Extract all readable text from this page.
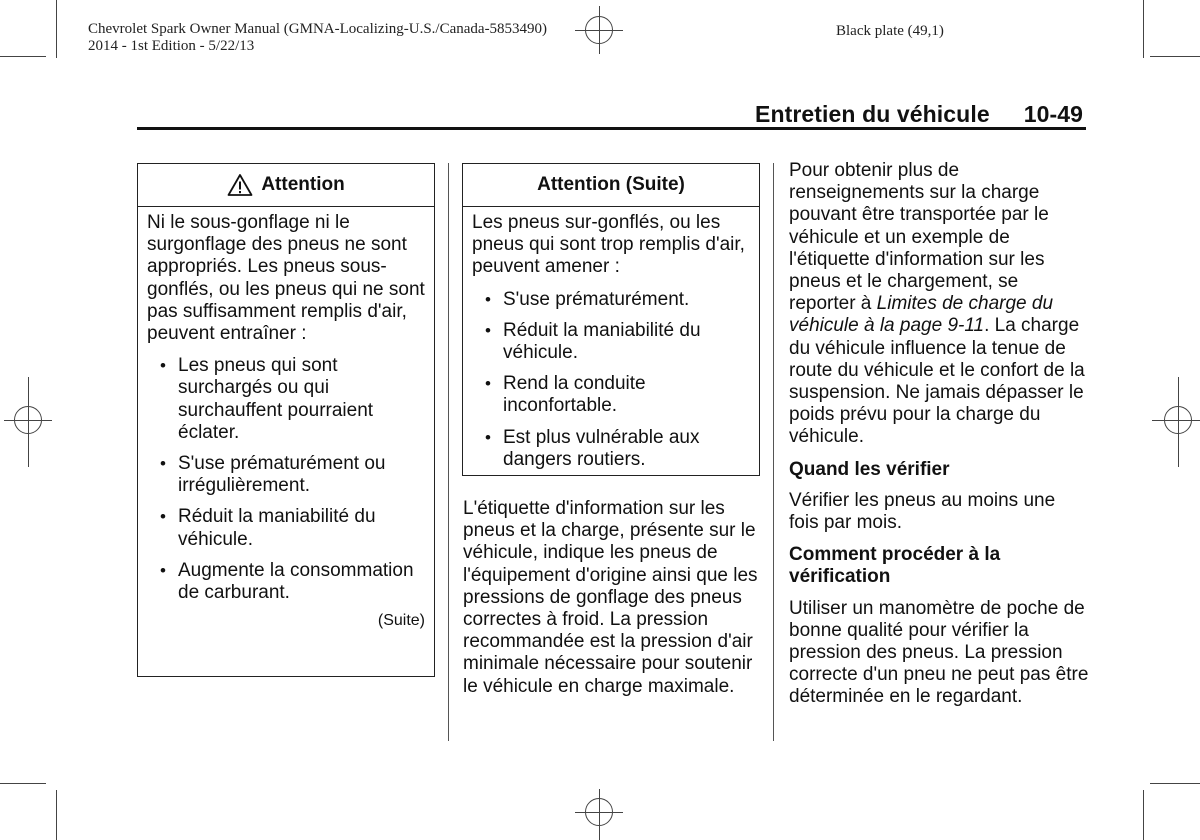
Chevrolet Spark Owner Manual (GMNA-Localizing-U.S./Canada-5853490)
2014 - 1st Edition - 5/22/13
Black plate (49,1)
Entretien du véhicule 10-49
Attention

Ni le sous-gonflage ni le surgonflage des pneus ne sont appropriés. Les pneus sous-gonflés, ou les pneus qui ne sont pas suffisamment remplis d'air, peuvent entraîner :

• Les pneus qui sont surchargés ou qui surchauffent pourraient éclater.
• S'use prématurément ou irrégulièrement.
• Réduit la maniabilité du véhicule.
• Augmente la consommation de carburant.
(Suite)
Attention (Suite)

Les pneus sur-gonflés, ou les pneus qui sont trop remplis d'air, peuvent amener :

• S'use prématurément.
• Réduit la maniabilité du véhicule.
• Rend la conduite inconfortable.
• Est plus vulnérable aux dangers routiers.

L'étiquette d'information sur les pneus et la charge, présente sur le véhicule, indique les pneus de l'équipement d'origine ainsi que les pressions de gonflage des pneus correctes à froid. La pression recommandée est la pression d'air minimale nécessaire pour soutenir le véhicule en charge maximale.

Pour obtenir plus de renseignements sur la charge pouvant être transportée par le véhicule et un exemple de l'étiquette d'information sur les pneus et le chargement, se reporter à Limites de charge du véhicule à la page 9-11. La charge du véhicule influence la tenue de route du véhicule et le confort de la suspension. Ne jamais dépasser le poids prévu pour la charge du véhicule.

Quand les vérifier

Vérifier les pneus au moins une fois par mois.

Comment procéder à la vérification

Utiliser un manomètre de poche de bonne qualité pour vérifier la pression des pneus. La pression correcte d'un pneu ne peut pas être déterminée en le regardant.
